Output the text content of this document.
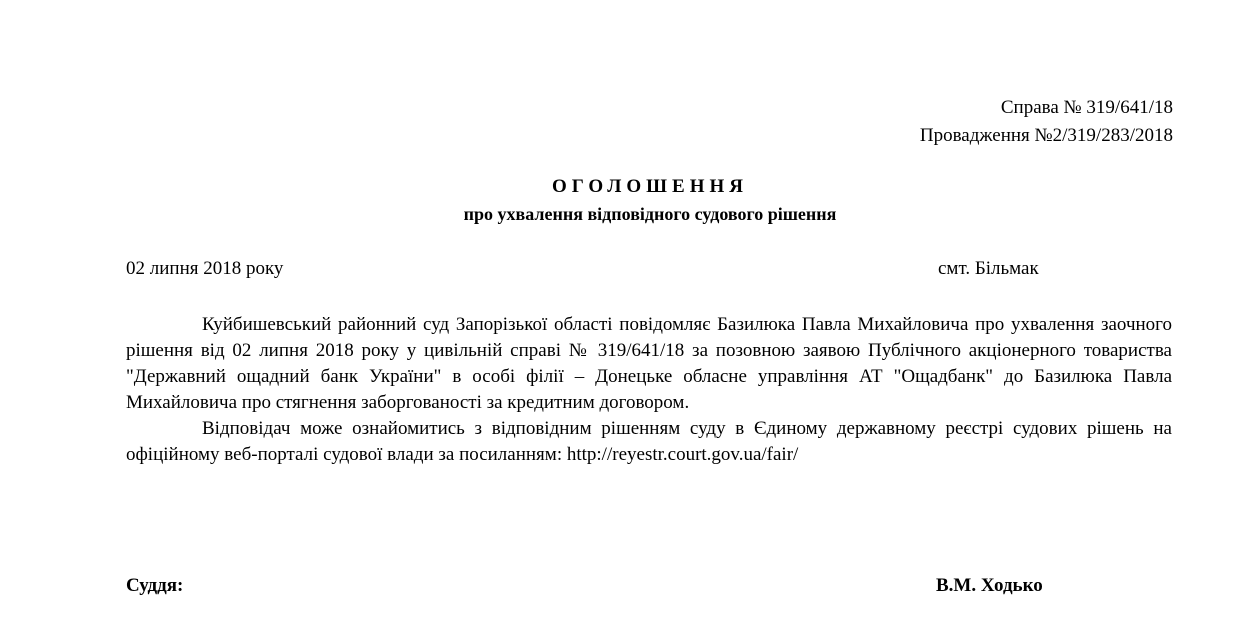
Справа № 319/641/18
Провадження №2/319/283/2018
ОГОЛОШЕННЯ
про ухвалення відповідного судового рішення
02 липня 2018 року	смт. Більмак

Куйбишевський районний суд Запорізької області повідомляє Базилюка Павла Михайловича про ухвалення заочного рішення від 02 липня 2018 року у цивільній справі № 319/641/18 за позовною заявою Публічного акціонерного товариства "Державний ощадний банк України" в особі філії – Донецьке обласне управління АТ "Ощадбанк" до Базилюка Павла Михайловича про стягнення заборгованості за кредитним договором.

Відповідач може ознайомитись з відповідним рішенням суду в Єдиному державному реєстрі судових рішень на офіційному веб-порталі судової влади за посиланням: http://reyestr.court.gov.ua/fair/

Суддя:	В.М. Ходько
